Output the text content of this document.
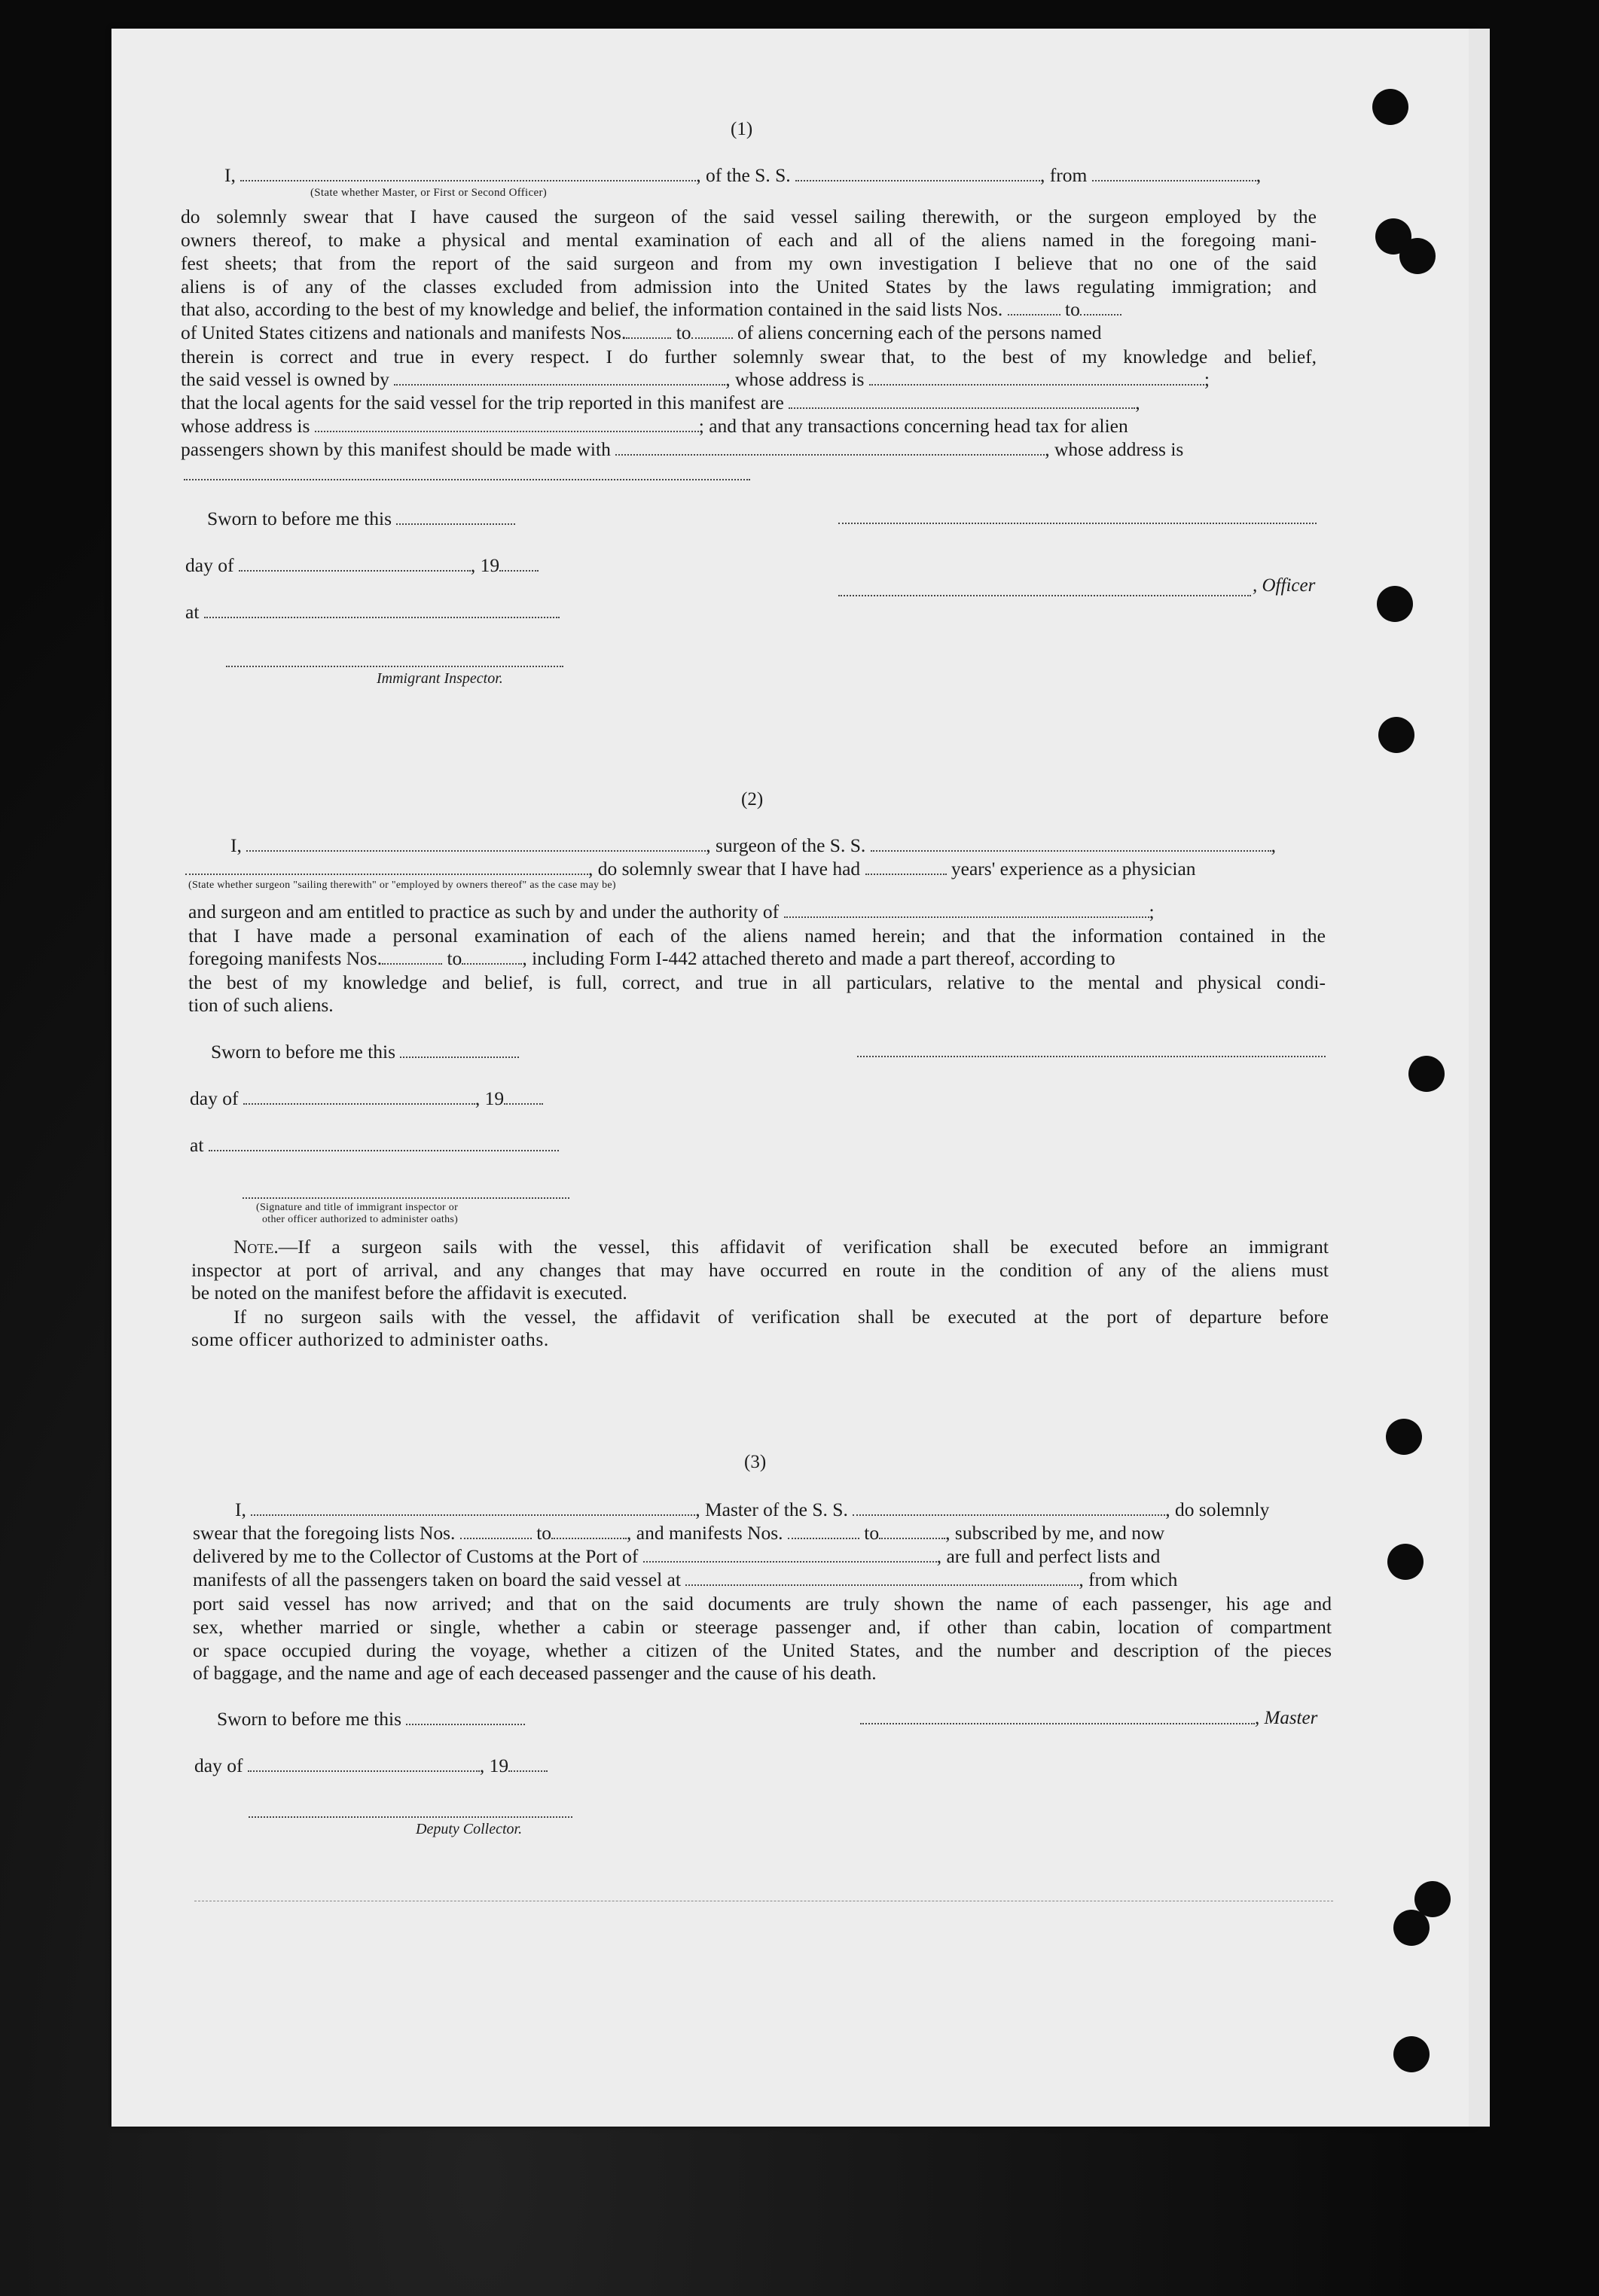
(1)
I,	, of the S. S.	, from	,
(State whether Master, or First or Second Officer)
do solemnly swear that I have caused the surgeon of the said vessel sailing therewith, or the surgeon employed by the
owners thereof, to make a physical and mental examination of each and all of the aliens named in the foregoing mani-
fest sheets; that from the report of the said surgeon and from my own investigation I believe that no one of the said
aliens is of any of the classes excluded from admission into the United States by the laws regulating immigration; and
that also, according to the best of my knowledge and belief, the information contained in the said lists Nos.	to
of United States citizens and nationals and manifests Nos.	to of aliens concerning each of the persons named
therein is correct and true in every respect. I do further solemnly swear that, to the best of my knowledge and belief,
the said vessel is owned by	, whose address is	;
that the local agents for the said vessel for the trip reported in this manifest are	,
whose address is	; and that any transactions concerning head tax for alien
passengers shown by this manifest should be made with	, whose address is
Sworn to before me this
day of	, 19
, Officer
at
Immigrant Inspector.
(2)
I,	, surgeon of the S. S.	,
, do solemnly swear that I have had	years' experience as a physician
(State whether surgeon "sailing therewith" or "employed by owners thereof" as the case may be)
and surgeon and am entitled to practice as such by and under the authority of	;
that I have made a personal examination of each of the aliens named herein; and that the information contained in the
foregoing manifests Nos.	to	, including Form I-442 attached thereto and made a part thereof, according to
the best of my knowledge and belief, is full, correct, and true in all particulars, relative to the mental and physical condi-
tion of such aliens.
Sworn to before me this
day of	, 19
at
(Signature and title of immigrant inspector or
other officer authorized to administer oaths)
Note.—If a surgeon sails with the vessel, this affidavit of verification shall be executed before an immigrant
inspector at port of arrival, and any changes that may have occurred en route in the condition of any of the aliens must
be noted on the manifest before the affidavit is executed.
If no surgeon sails with the vessel, the affidavit of verification shall be executed at the port of departure before
some officer authorized to administer oaths.
(3)
I,	, Master of the S. S.	, do solemnly
swear that the foregoing lists Nos.	to	, and manifests Nos.	to	, subscribed by me, and now
delivered by me to the Collector of Customs at the Port of	, are full and perfect lists and
manifests of all the passengers taken on board the said vessel at	, from which
port said vessel has now arrived; and that on the said documents are truly shown the name of each passenger, his age and
sex, whether married or single, whether a cabin or steerage passenger and, if other than cabin, location of compartment
or space occupied during the voyage, whether a citizen of the United States, and the number and description of the pieces
of baggage, and the name and age of each deceased passenger and the cause of his death.
Sworn to before me this	, Master
day of	, 19
Deputy Collector.
